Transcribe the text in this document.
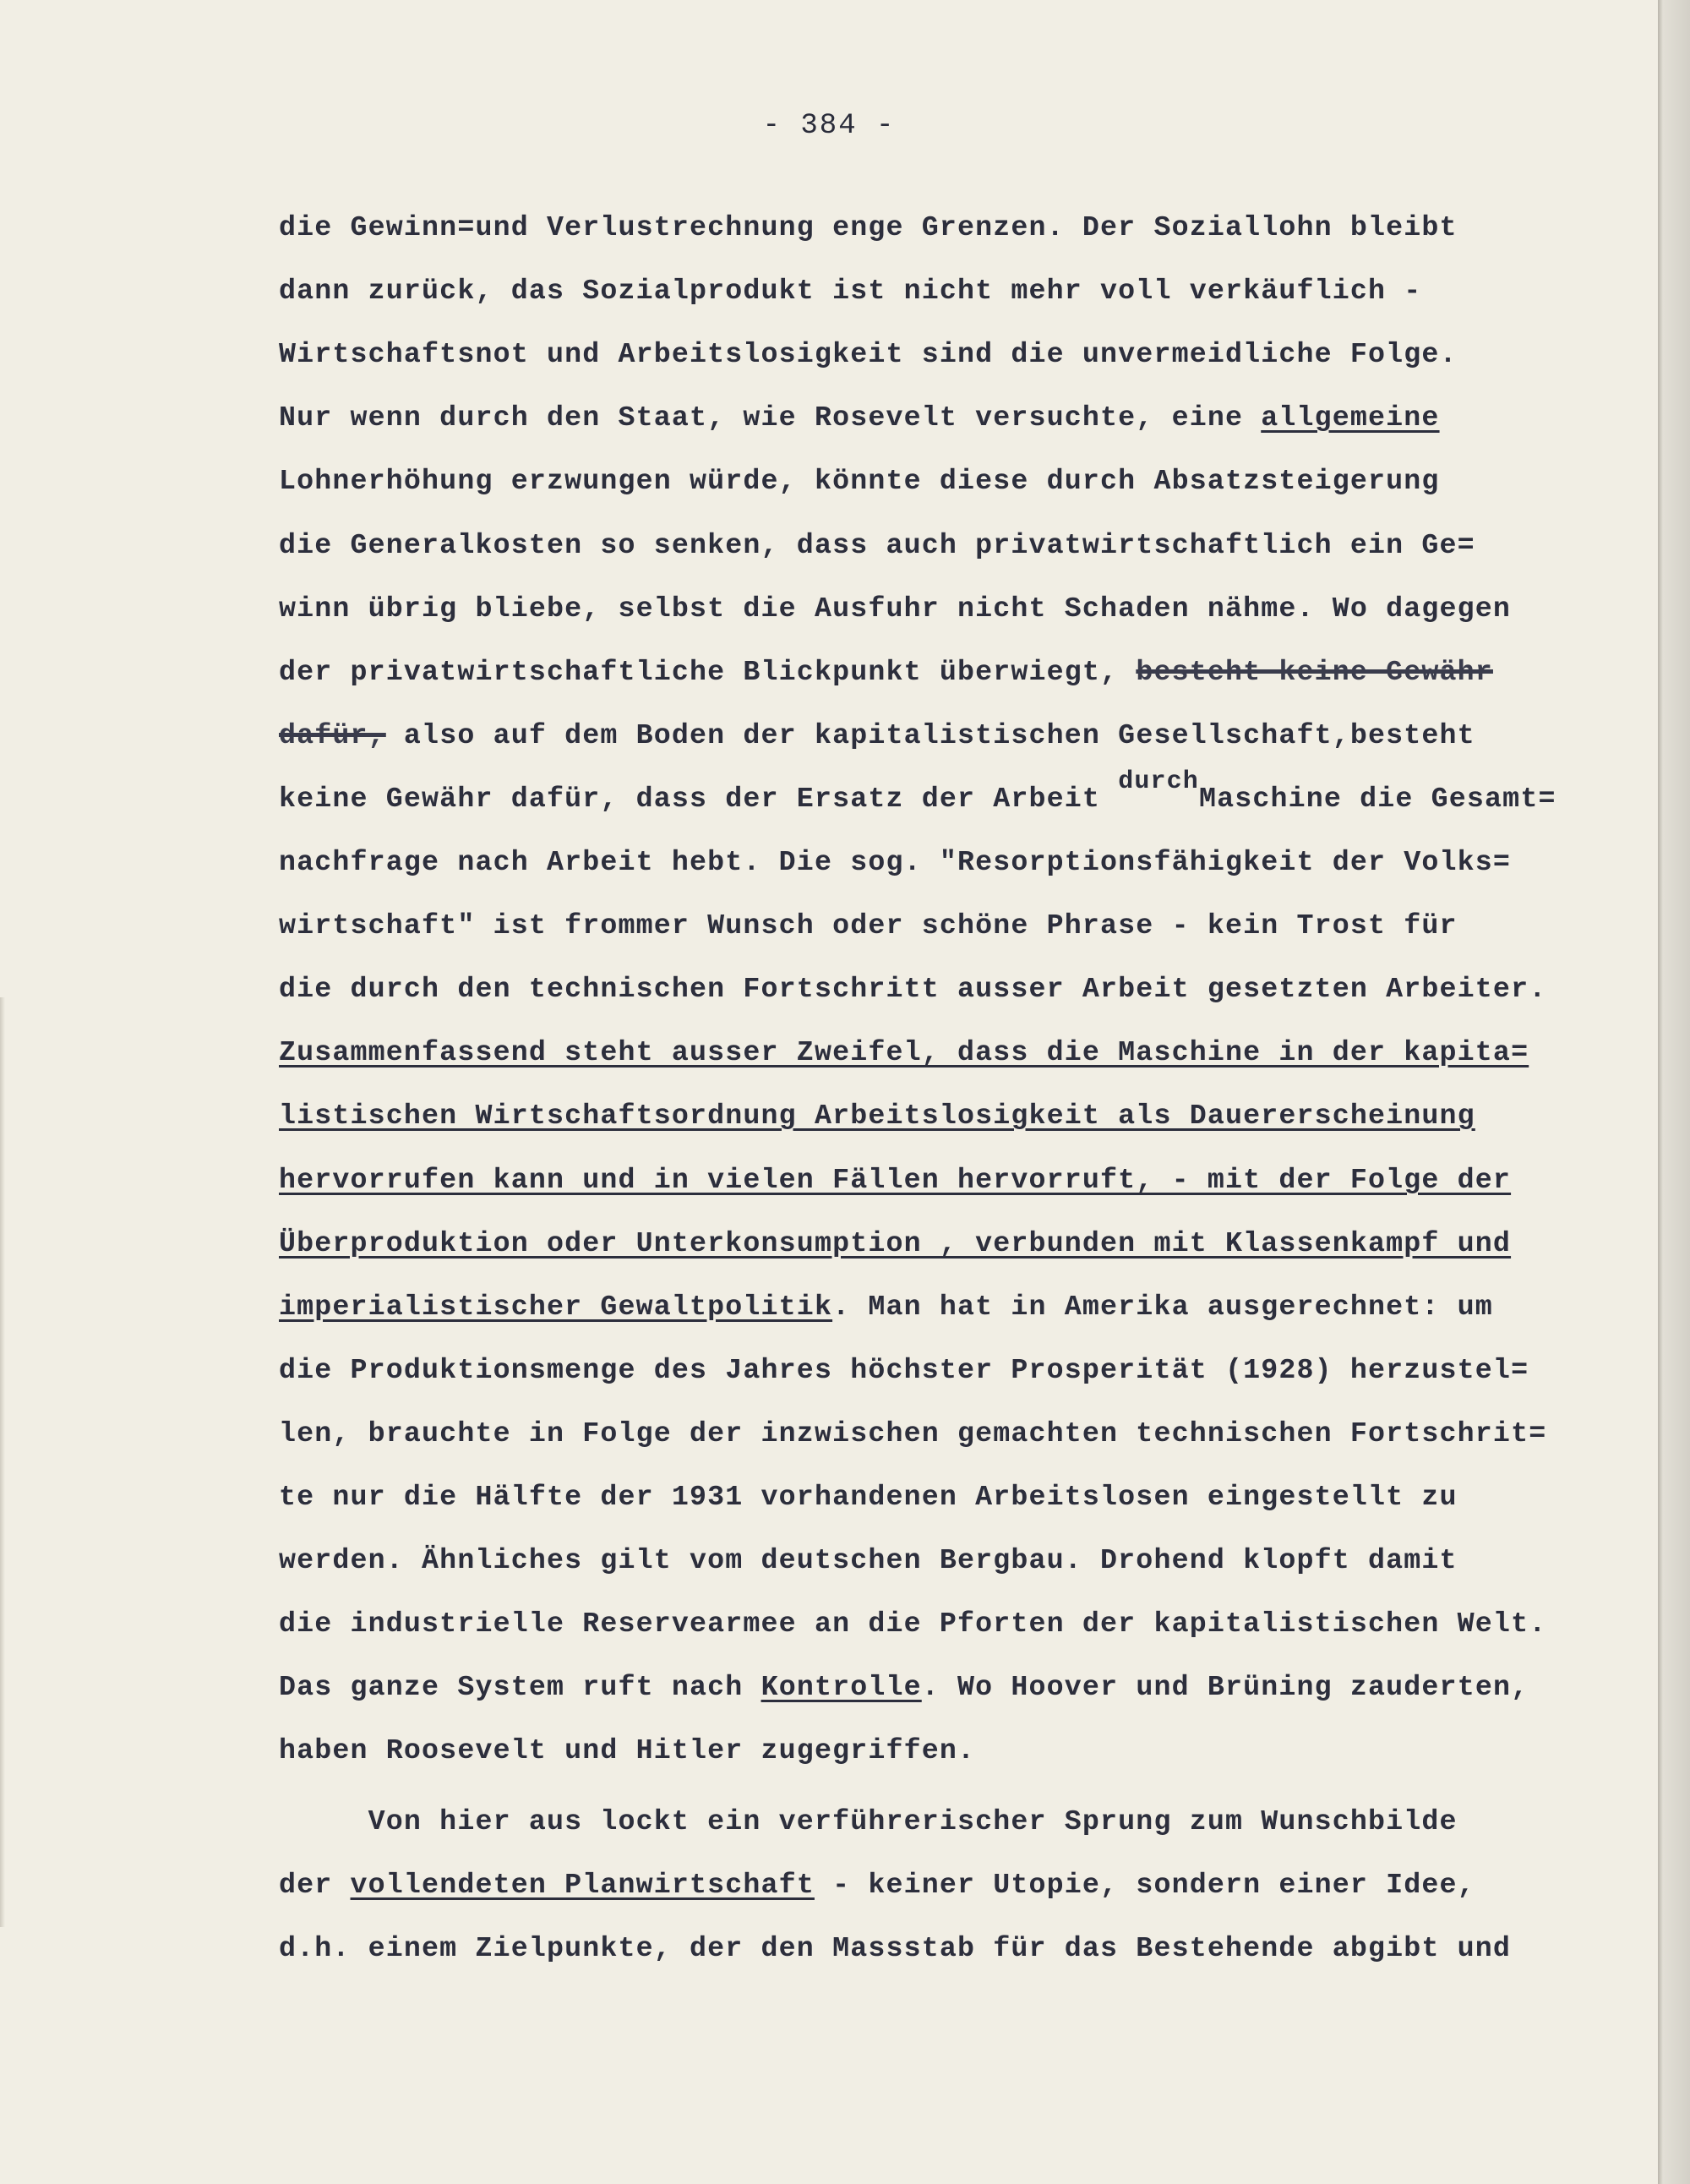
- 384 -
die Gewinn=und Verlustrechnung enge Grenzen. Der Soziallohn bleibt
dann zurück, das Sozialprodukt ist nicht mehr voll verkäuflich -
Wirtschaftsnot und Arbeitslosigkeit sind die unvermeidliche Folge.
Nur wenn durch den Staat, wie Rosevelt versuchte, eine allgemeine
Lohnerhöhung erzwungen würde, könnte diese durch Absatzsteigerung
die Generalkosten so senken, dass auch privatwirtschaftlich ein Ge=
winn übrig bliebe, selbst die Ausfuhr nicht Schaden nähme. Wo dagegen
der privatwirtschaftliche Blickpunkt überwiegt, besteht keine Gewähr
dafür, also auf dem Boden der kapitalistischen Gesellschaft,besteht
keine Gewähr dafür, dass der Ersatz der Arbeit durchMaschine die Gesamt=
nachfrage nach Arbeit hebt. Die sog. "Resorptionsfähigkeit der Volks=
wirtschaft" ist frommer Wunsch oder schöne Phrase - kein Trost für
die durch den technischen Fortschritt ausser Arbeit gesetzten Arbeiter.
Zusammenfassend steht ausser Zweifel, dass die Maschine in der kapita=
listischen Wirtschaftsordnung Arbeitslosigkeit als Dauererscheinung
hervorrufen kann und in vielen Fällen hervorruft, - mit der Folge der
Überproduktion oder Unterkonsumption , verbunden mit Klassenkampf und
imperialistischer Gewaltpolitik. Man hat in Amerika ausgerechnet: um
die Produktionsmenge des Jahres höchster Prosperität (1928) herzustel=
len, brauchte in Folge der inzwischen gemachten technischen Fortschrit=
te nur die Hälfte der 1931 vorhandenen Arbeitslosen eingestellt zu
werden. Ähnliches gilt vom deutschen Bergbau. Drohend klopft damit
die industrielle Reservearmee an die Pforten der kapitalistischen Welt.
Das ganze System ruft nach Kontrolle. Wo Hoover und Brüning zauderten,
haben Roosevelt und Hitler zugegriffen.
Von hier aus lockt ein verführerischer Sprung zum Wunschbilde
der vollendeten Planwirtschaft - keiner Utopie, sondern einer Idee,
d.h. einem Zielpunkte, der den Massstab für das Bestehende abgibt und
